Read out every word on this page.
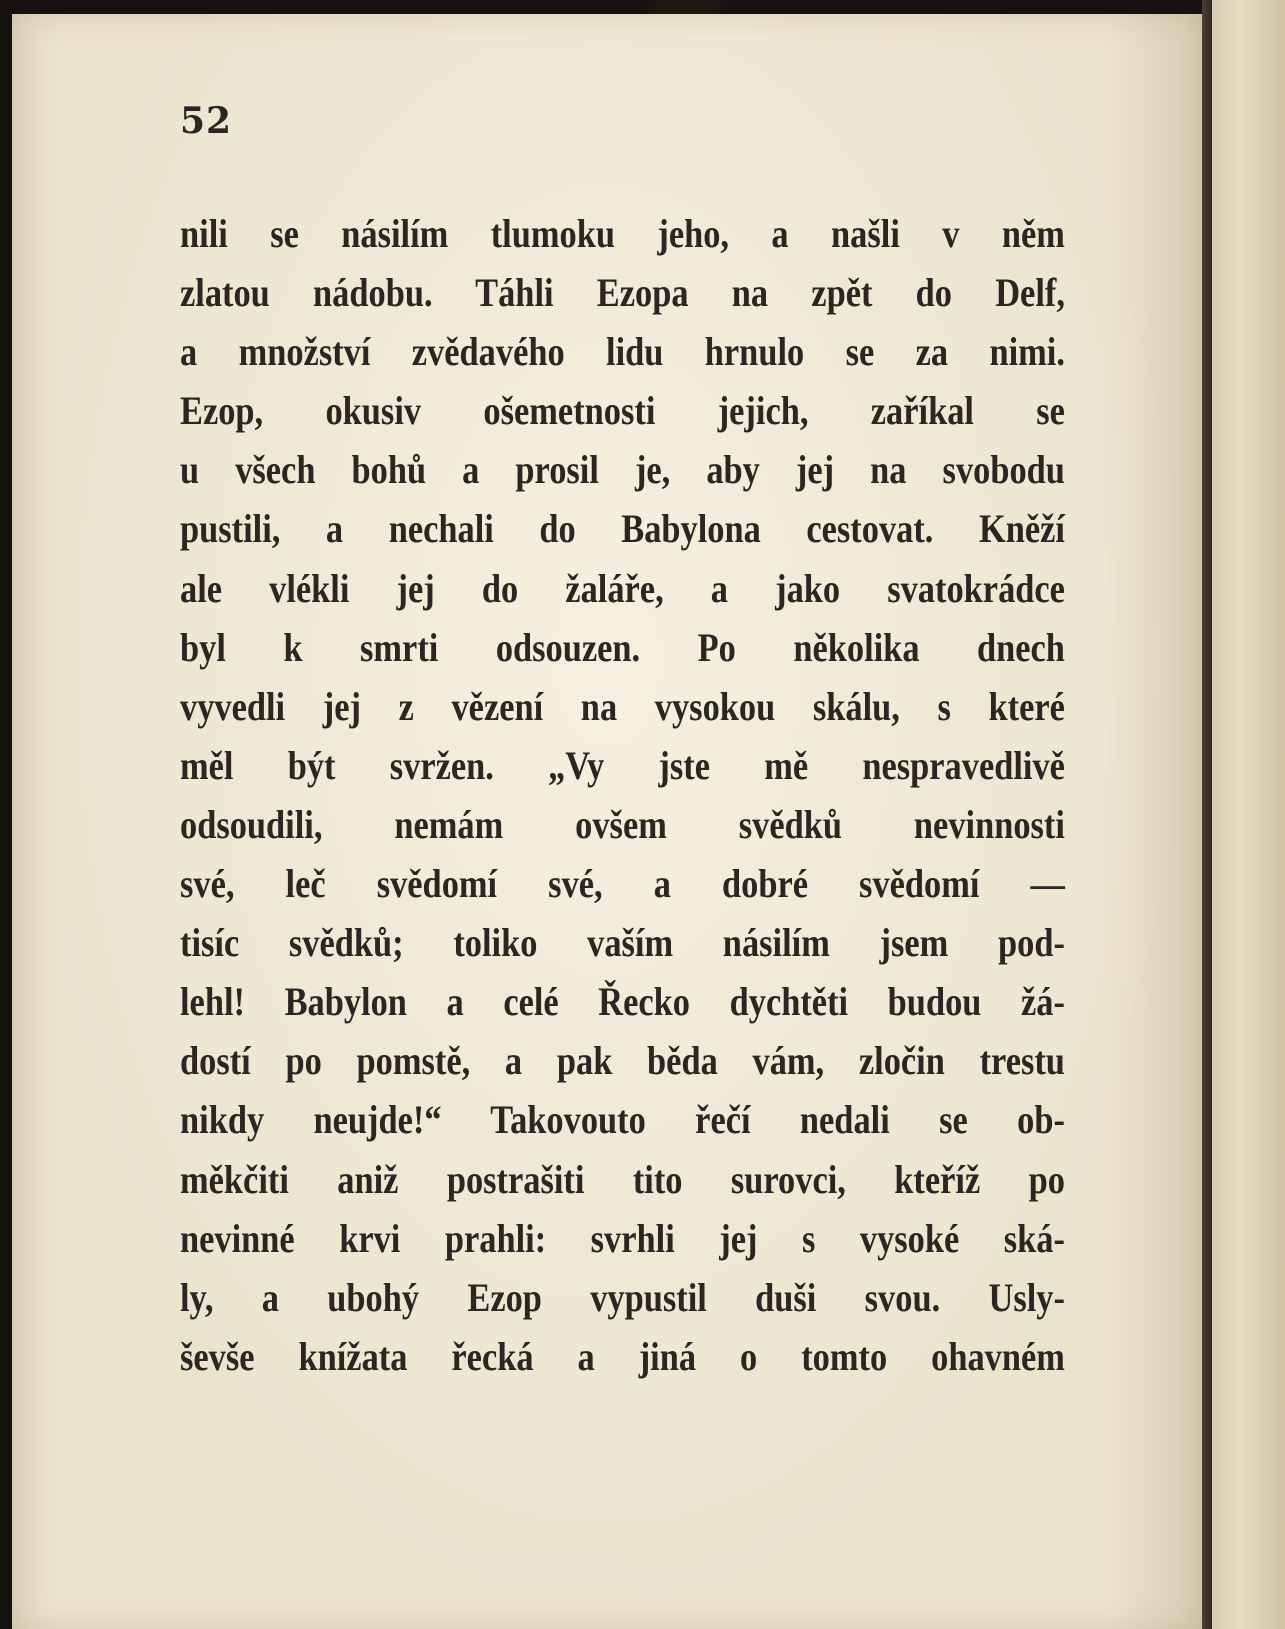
52

nili se násilím tlumoku jeho, a našli v něm
zlatou nádobu. Táhli Ezopa na zpět do Delf,
a množství zvědavého lidu hrnulo se za nimi.
Ezop, okusiv ošemetnosti jejich, zaříkal se
u všech bohů a prosil je, aby jej na svobodu
pustili, a nechali do Babylona cestovat. Kněží
ale vlékli jej do žaláře, a jako svatokrádce
byl k smrti odsouzen. Po několika dnech
vyvedli jej z vězení na vysokou skálu, s které
měl být svržen. „Vy jste mě nespravedlivě
odsoudili, nemám ovšem svědků nevinnosti
své, leč svědomí své, a dobré svědomí —
tisíc svědků; toliko vaším násilím jsem pod-
lehl! Babylon a celé Řecko dychtěti budou žá-
dostí po pomstě, a pak běda vám, zločin trestu
nikdy neujde!“ Takovouto řečí nedali se ob-
měkčiti aniž postrašiti tito surovci, kteříž po
nevinné krvi prahli: svrhli jej s vysoké ská-
ly, a ubohý Ezop vypustil duši svou. Usly-
ševše knížata řecká a jiná o tomto ohavném
